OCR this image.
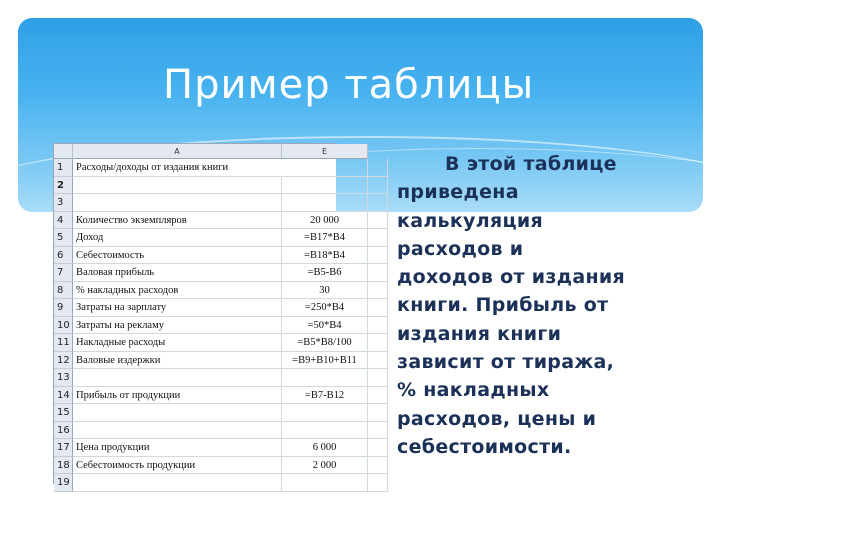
Пример таблицы
A	E
1	Расходы/доходы от издания книги
2
3
4	Количество экземпляров	20 000
5	Доход	=B17*B4
6	Себестоимость	=B18*B4
7	Валовая прибыль	=B5-B6
8	% накладных расходов	30
9	Затраты на зарплату	=250*B4
10 Затраты на рекламу	=50*B4
11 Накладные расходы	=B5*B8/100
12 Валовые издержки	=B9+B10+B11
13
14 Прибыль от продукции	=B7-B12
15
16
17 Цена продукции	6 000
18 Себестоимость продукции	2 000
19
В этой таблице
приведена
калькуляция
расходов и
доходов от издания
книги. Прибыль от
издания книги
зависит от тиража,
% накладных
расходов, цены и
себестоимости.
